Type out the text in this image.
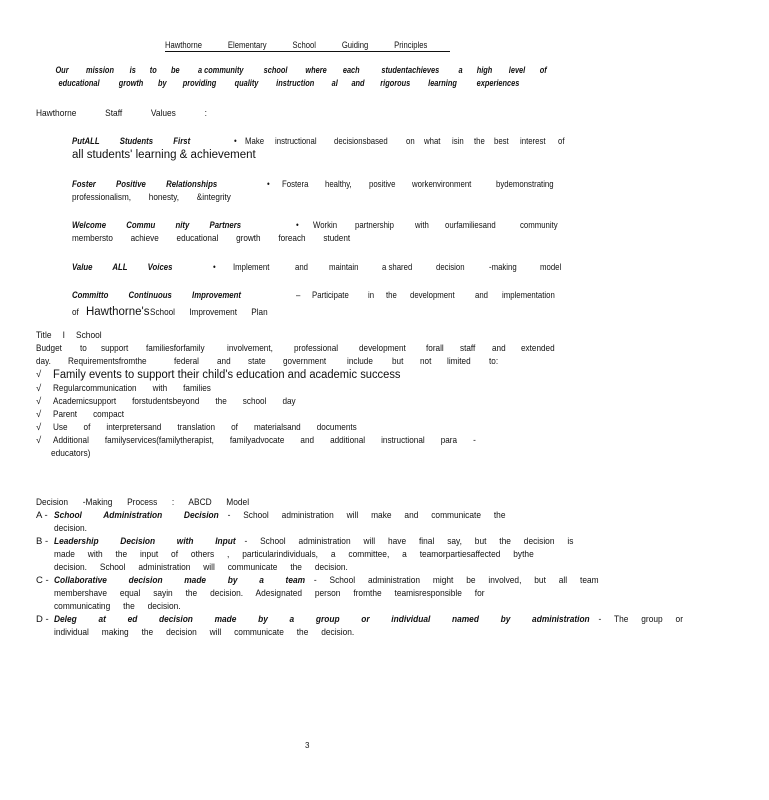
Hawthorne Elementary School Guiding Principles
Our mission is to be a community school where each studentachieves a high level of
educational growth by providing quality instruction al and rigorous learning experiences
Hawthorne Staff Values :
PutALL Students First	• Make instructional decisionsbased on what isin the best interest of
all students' learning & achievement
Foster Positive Relationships	• Fostera healthy, positive workenvironment	bydemonstrating
professionalism, honesty, &integrity
Welcome Commu nity Partners	• Workin partnership with ourfamiliesand	community
membersto achieve educational growth foreach student
Value ALL Voices	• Implement	and maintain	a shared	decision	-making model
Committo Continuous Improvement	– Participate in the development and implementation
of Hawthorne'sSchool Improvement Plan
Title I School
Budget to support familiesforfamily involvement, professional development forall staff and extended
day. Requirementsfromthe	federal and state government include but not limited to:
√	Family events to support their child's education and academic success
√	Regularcommunication with families
√	Academicsupport forstudentsbeyond the school day
√	Parent compact
√	Use of interpretersand translation of materialsand documents
√	Additional familyservices(familytherapist, familyadvocate and additional instructional para -
educators)
Decision -Making Process : ABCD Model
A - School Administration Decision - School administration will make and communicate the
decision.
B - Leadership Decision with Input - School administration will have final say, but the decision is
made with the input of others , particularindividuals, a committee, a teamorpartiesaffected bythe
decision. School administration will communicate the decision.
C - Collaborative decision made by a team - School administration might be involved, but all team
membershave equal sayin the decision. Adesignated person fromthe teamisresponsible for
communicating the decision.
D - Deleg at ed decision made by a group or individual named by administration - The group or
individual making the decision will communicate the decision.
3
